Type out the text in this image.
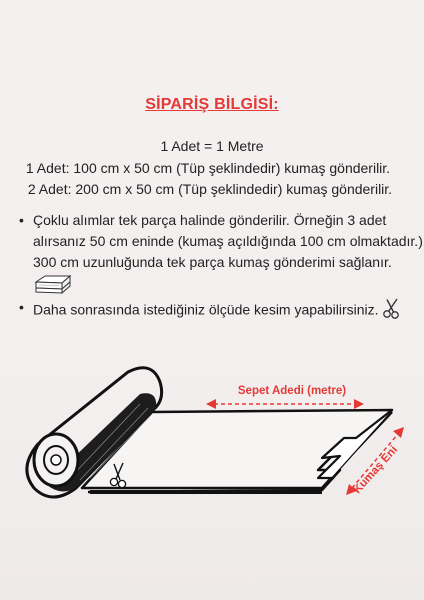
SİPARİŞ BİLGİSİ:
1 Adet = 1 Metre
1 Adet: 100 cm x 50 cm (Tüp şeklindedir) kumaş gönderilir.
2 Adet: 200 cm x 50 cm (Tüp şeklindedir) kumaş gönderilir.
• Çoklu alımlar tek parça halinde gönderilir. Örneğin 3 adet alırsanız 50 cm eninde (kumaş açıldığında 100 cm olmaktadır.) 300 cm uzunluğunda tek parça kumaş gönderimi sağlanır.
• Daha sonrasında istediğiniz ölçüde kesim yapabilirsiniz.
Sepet Adedi (metre)
Kumaş Eni
